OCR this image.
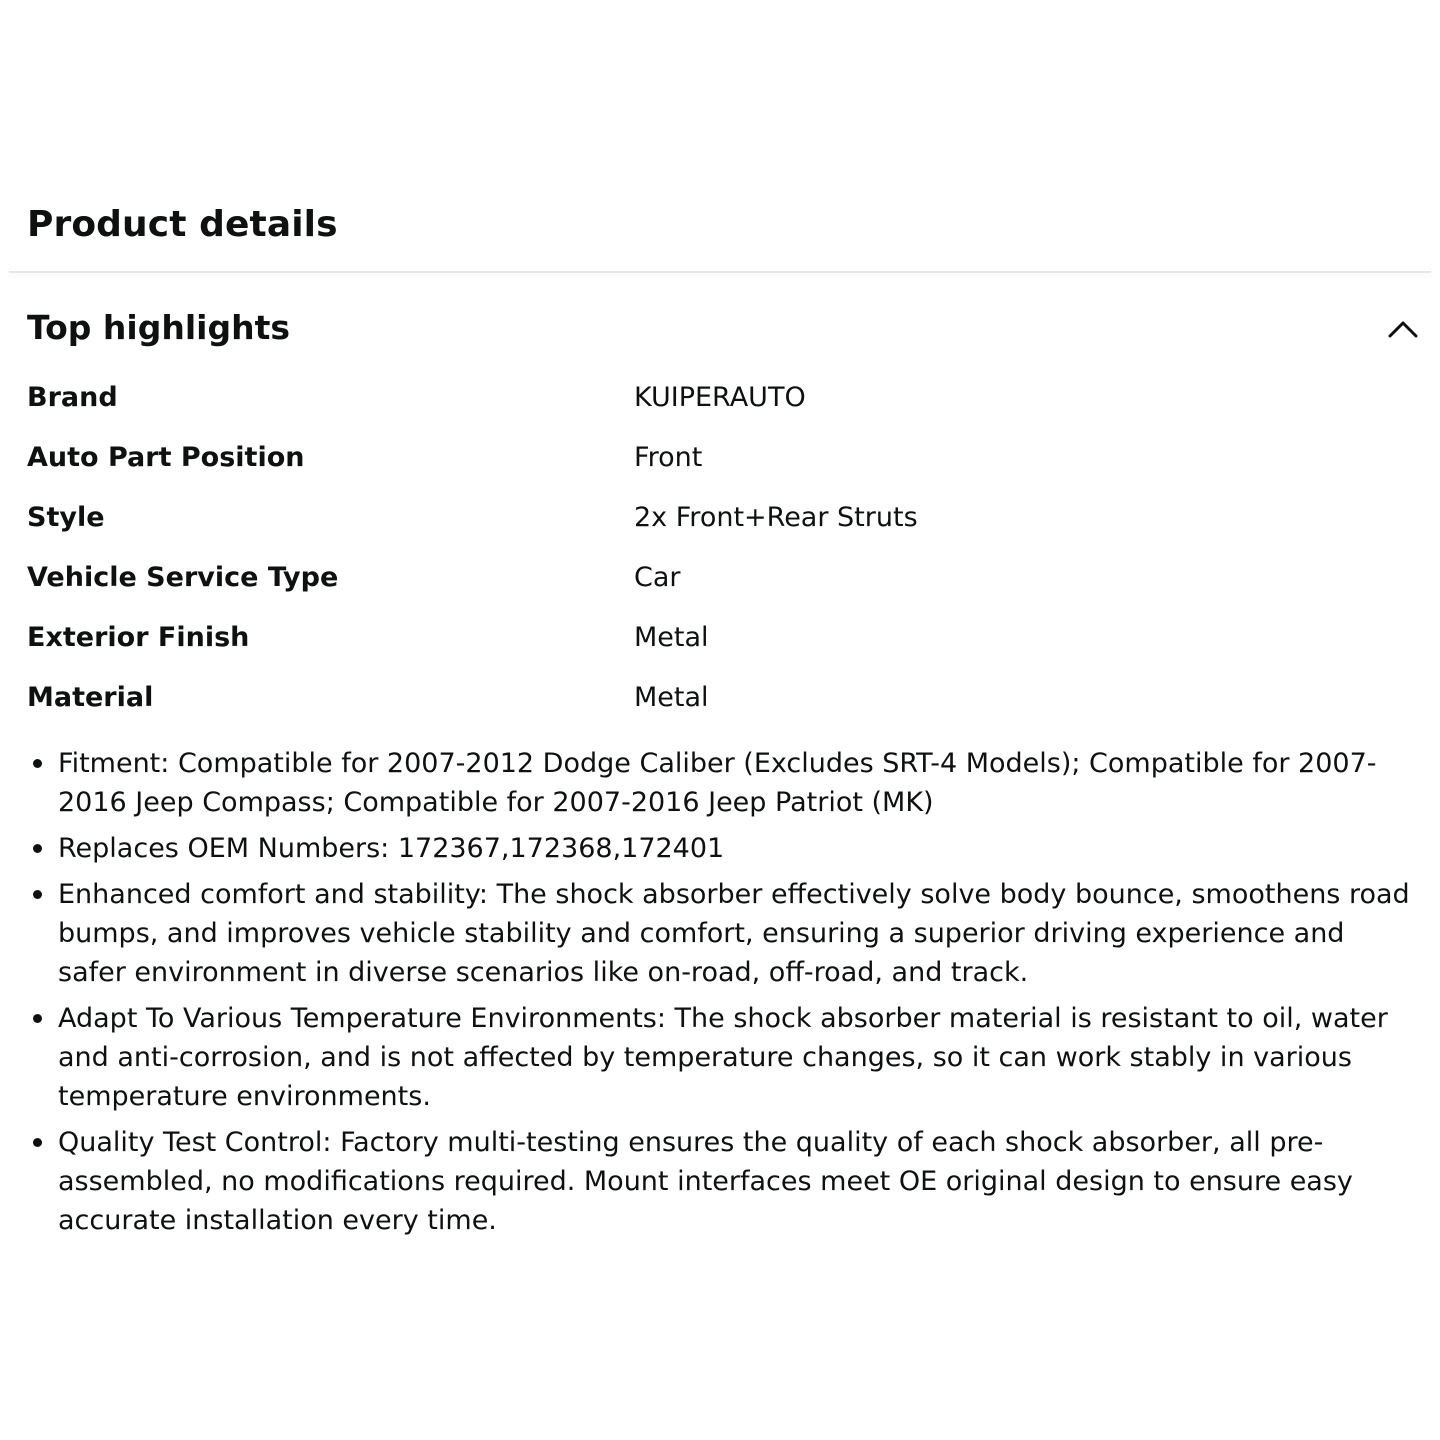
Product details
Top highlights
Brand	KUIPERAUTO
Auto Part Position	Front
Style	2x Front+Rear Struts
Vehicle Service Type	Car
Exterior Finish	Metal
Material	Metal
Fitment: Compatible for 2007-2012 Dodge Caliber (Excludes SRT-4 Models); Compatible for 2007-2016 Jeep Compass; Compatible for 2007-2016 Jeep Patriot (MK)
Replaces OEM Numbers: 172367,172368,172401
Enhanced comfort and stability: The shock absorber effectively solve body bounce, smoothens road bumps, and improves vehicle stability and comfort, ensuring a superior driving experience and safer environment in diverse scenarios like on-road, off-road, and track.
Adapt To Various Temperature Environments: The shock absorber material is resistant to oil, water and anti-corrosion, and is not affected by temperature changes, so it can work stably in various temperature environments.
Quality Test Control: Factory multi-testing ensures the quality of each shock absorber, all pre-assembled, no modifications required. Mount interfaces meet OE original design to ensure easy accurate installation every time.
